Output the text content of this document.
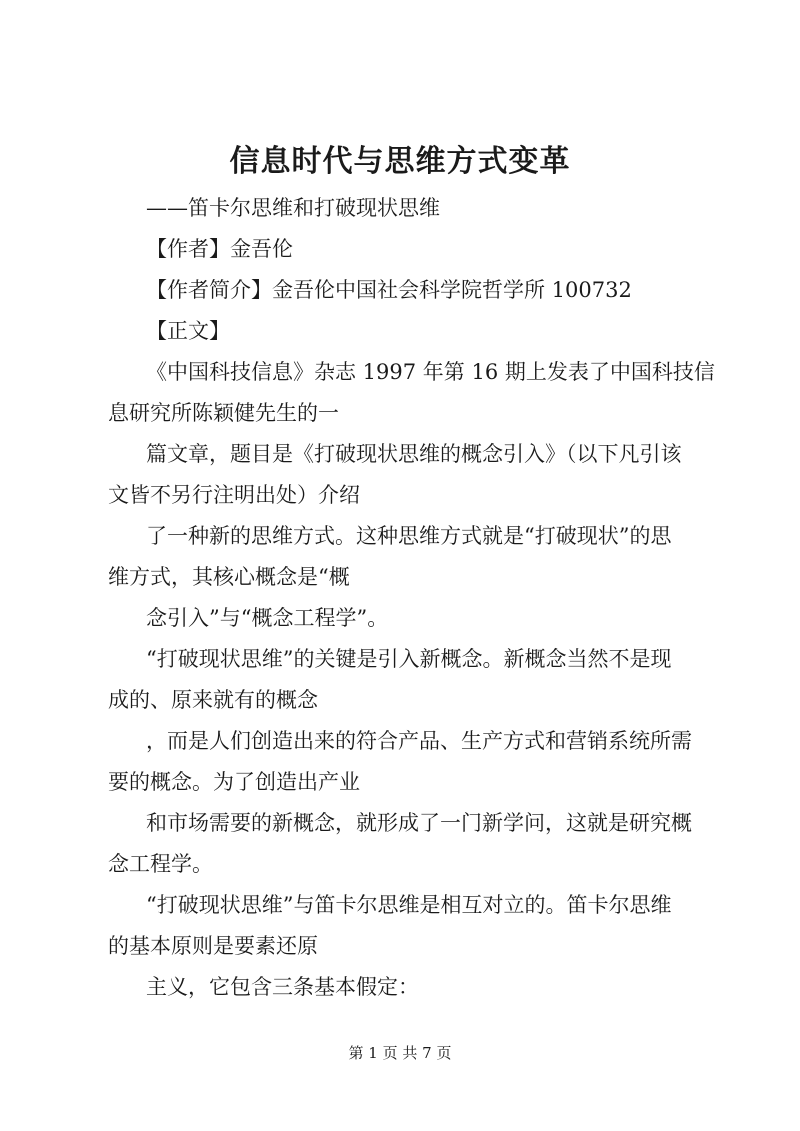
信息时代与思维方式变革
——笛卡尔思维和打破现状思维
【作者】金吾伦
【作者简介】金吾伦中国社会科学院哲学所 100732
【正文】
《中国科技信息》杂志 1997 年第 16 期上发表了中国科技信
息研究所陈颖健先生的一
篇文章，题目是《打破现状思维的概念引入》（以下凡引该
文皆不另行注明出处）介绍
了一种新的思维方式。这种思维方式就是“打破现状”的思
维方式，其核心概念是“概
念引入”与“概念工程学”。
“打破现状思维”的关键是引入新概念。新概念当然不是现
成的、原来就有的概念
，而是人们创造出来的符合产品、生产方式和营销系统所需
要的概念。为了创造出产业
和市场需要的新概念，就形成了一门新学问，这就是研究概
念工程学。
“打破现状思维”与笛卡尔思维是相互对立的。笛卡尔思维
的基本原则是要素还原
主义，它包含三条基本假定：
第 1 页 共 7 页
